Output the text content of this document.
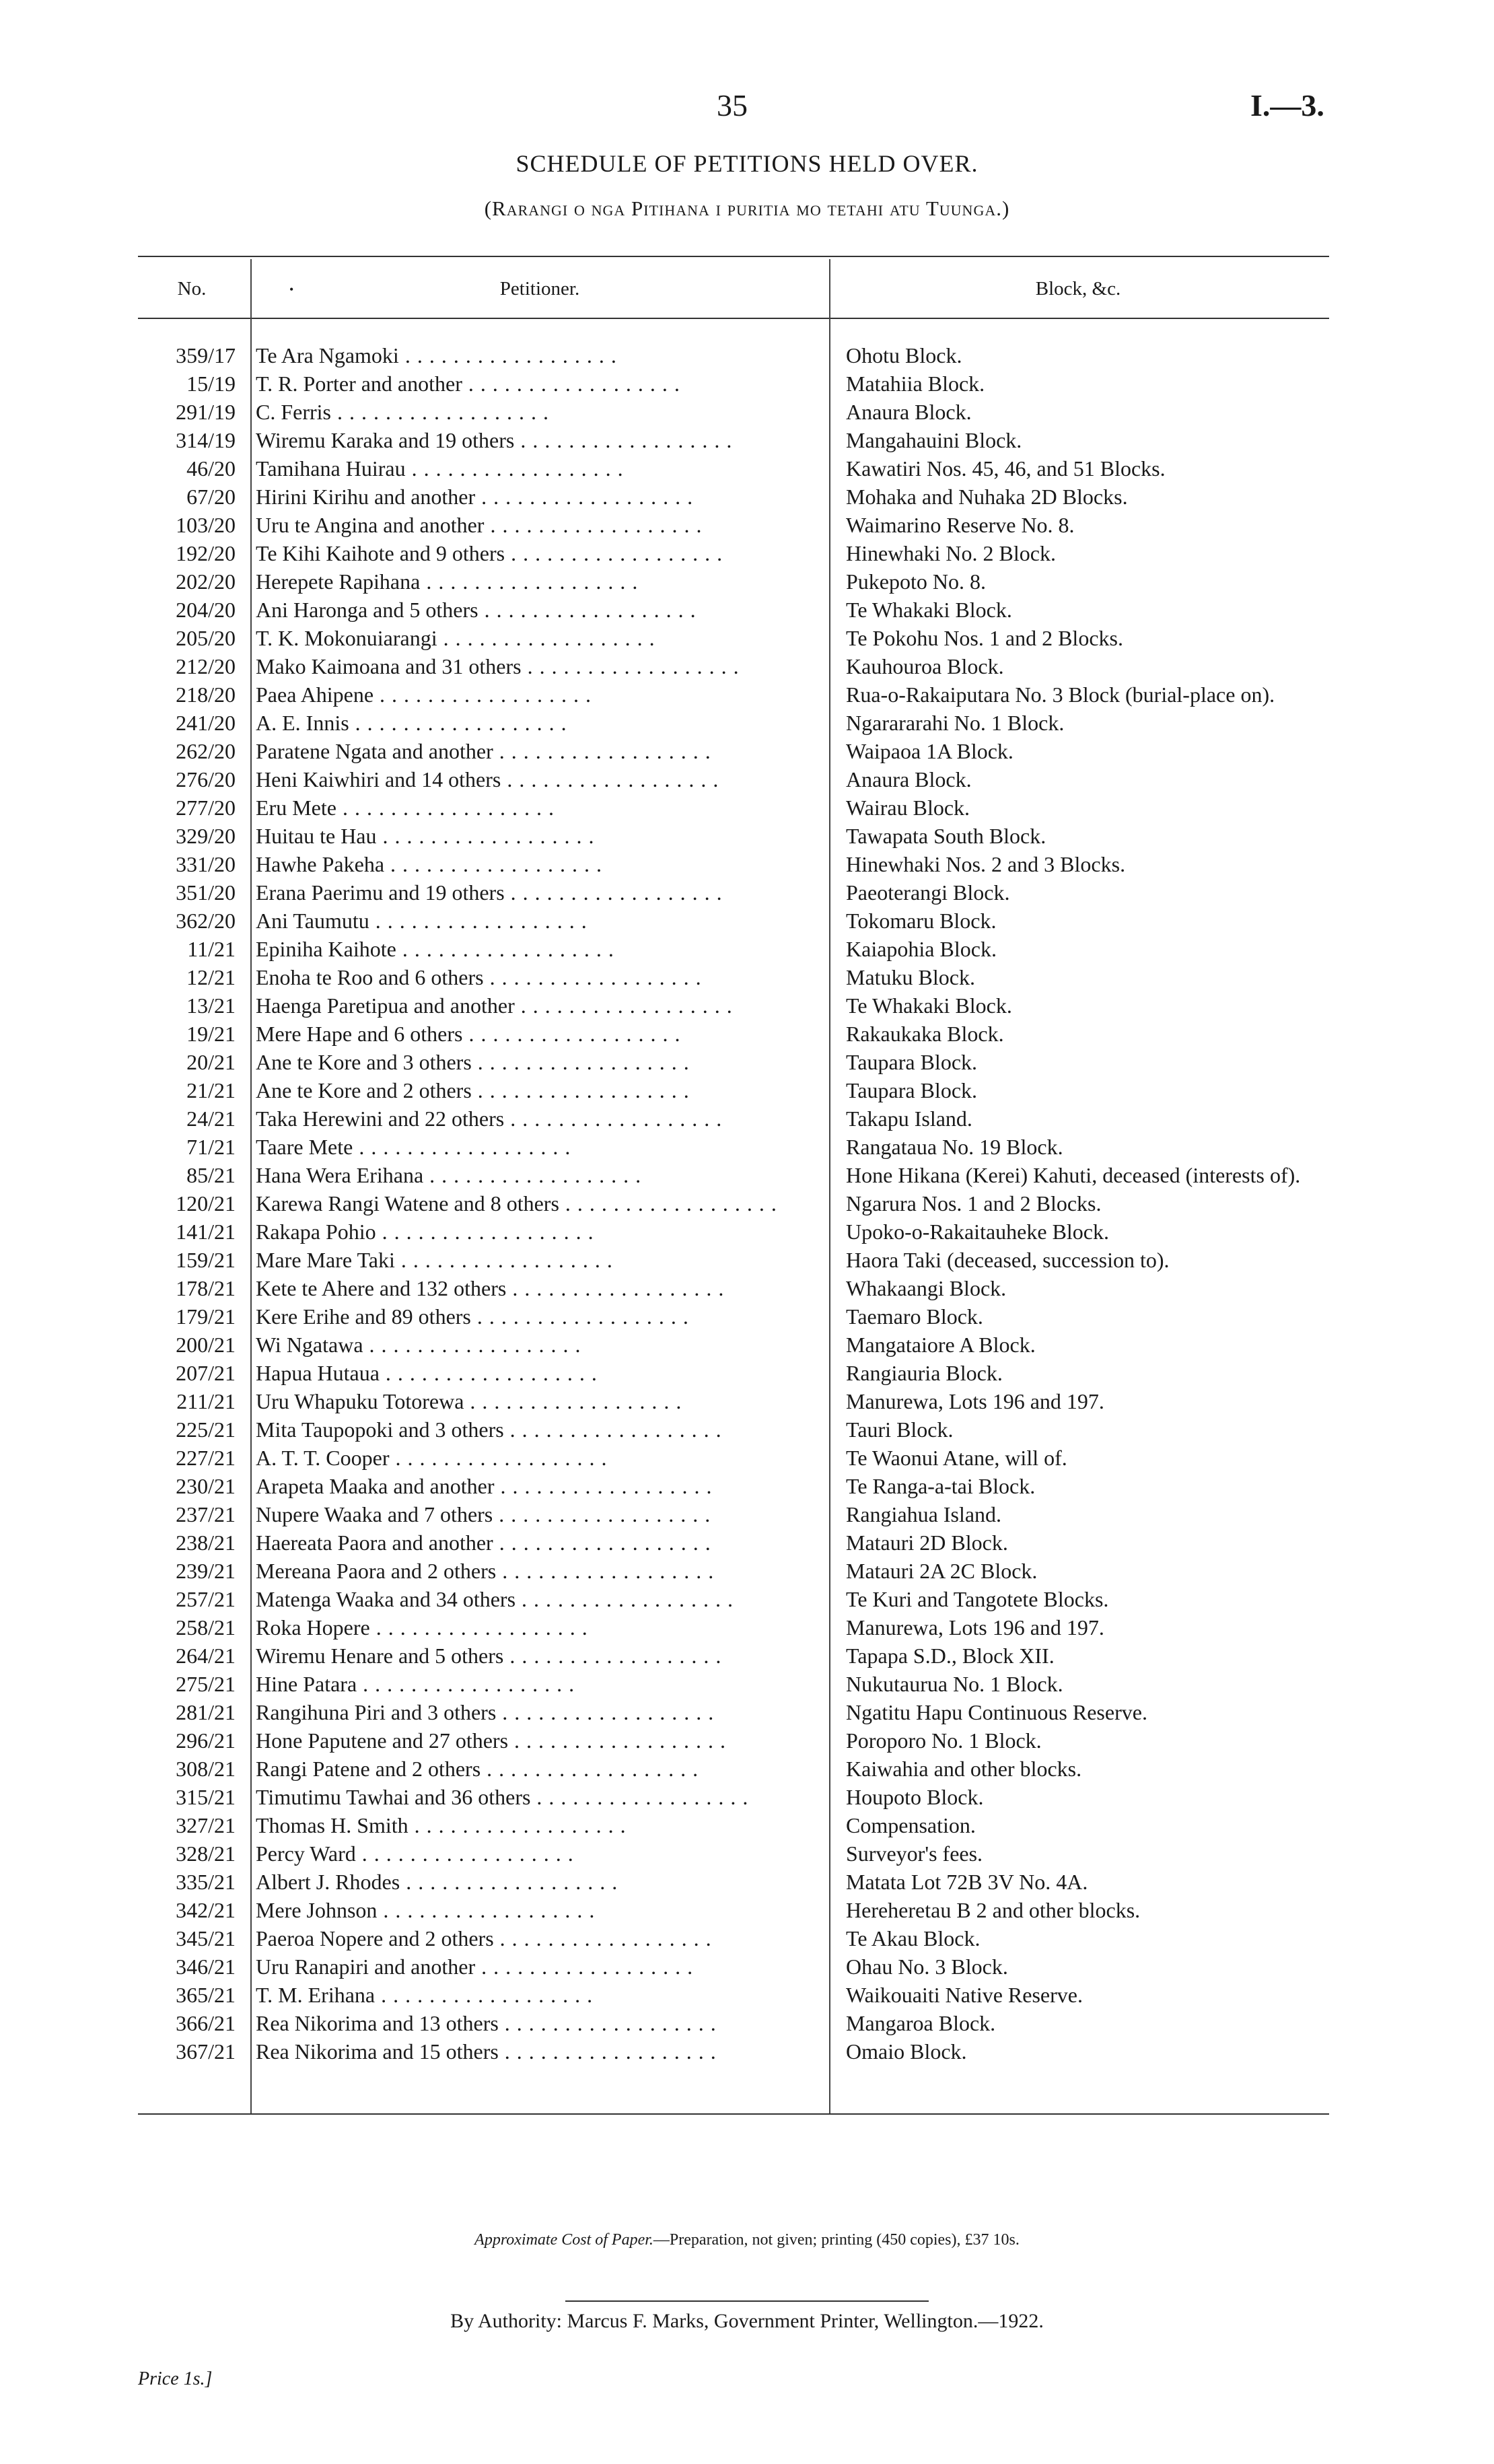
35	I.—3.
SCHEDULE OF PETITIONS HELD OVER.
(Rarangi o nga Pitihana i puritia mo tetahi atu Tuunga.)
No.	Petitioner.	Block, &c.
•
359/17 Te Ara Ngamoki . . . . . . . . . . . . . . . . . .	Ohotu Block.
15/19 T. R. Porter and another . . . . . . . . . . . . . . . . . .	Matahiia Block.
291/19 C. Ferris . . . . . . . . . . . . . . . . . .	Anaura Block.
314/19 Wiremu Karaka and 19 others . . . . . . . . . . . . . . . . . .	Mangahauini Block.
46/20 Tamihana Huirau . . . . . . . . . . . . . . . . . .	Kawatiri Nos. 45, 46, and 51 Blocks.
67/20 Hirini Kirihu and another . . . . . . . . . . . . . . . . . .	Mohaka and Nuhaka 2D Blocks.
103/20 Uru te Angina and another . . . . . . . . . . . . . . . . . .	Waimarino Reserve No. 8.
192/20 Te Kihi Kaihote and 9 others . . . . . . . . . . . . . . . . . .	Hinewhaki No. 2 Block.
202/20 Herepete Rapihana . . . . . . . . . . . . . . . . . .	Pukepoto No. 8.
204/20 Ani Haronga and 5 others . . . . . . . . . . . . . . . . . .	Te Whakaki Block.
205/20 T. K. Mokonuiarangi . . . . . . . . . . . . . . . . . .	Te Pokohu Nos. 1 and 2 Blocks.
212/20 Mako Kaimoana and 31 others . . . . . . . . . . . . . . . . . .	Kauhouroa Block.
218/20 Paea Ahipene . . . . . . . . . . . . . . . . . .	Rua-o-Rakaiputara No. 3 Block (burial-place on).
241/20 A. E. Innis . . . . . . . . . . . . . . . . . .	Ngarararahi No. 1 Block.
262/20 Paratene Ngata and another . . . . . . . . . . . . . . . . . .	Waipaoa 1A Block.
276/20 Heni Kaiwhiri and 14 others . . . . . . . . . . . . . . . . . .	Anaura Block.
277/20 Eru Mete . . . . . . . . . . . . . . . . . .	Wairau Block.
329/20 Huitau te Hau . . . . . . . . . . . . . . . . . .	Tawapata South Block.
331/20 Hawhe Pakeha . . . . . . . . . . . . . . . . . .	Hinewhaki Nos. 2 and 3 Blocks.
351/20 Erana Paerimu and 19 others . . . . . . . . . . . . . . . . . .	Paeoterangi Block.
362/20 Ani Taumutu . . . . . . . . . . . . . . . . . .	Tokomaru Block.
11/21 Epiniha Kaihote . . . . . . . . . . . . . . . . . .	Kaiapohia Block.
12/21 Enoha te Roo and 6 others . . . . . . . . . . . . . . . . . .	Matuku Block.
13/21 Haenga Paretipua and another . . . . . . . . . . . . . . . . . .	Te Whakaki Block.
19/21 Mere Hape and 6 others . . . . . . . . . . . . . . . . . .	Rakaukaka Block.
20/21 Ane te Kore and 3 others . . . . . . . . . . . . . . . . . .	Taupara Block.
21/21 Ane te Kore and 2 others . . . . . . . . . . . . . . . . . .	Taupara Block.
24/21 Taka Herewini and 22 others . . . . . . . . . . . . . . . . . .	Takapu Island.
71/21 Taare Mete . . . . . . . . . . . . . . . . . .	Rangataua No. 19 Block.
85/21 Hana Wera Erihana . . . . . . . . . . . . . . . . . .	Hone Hikana (Kerei) Kahuti, deceased (interests of).
120/21 Karewa Rangi Watene and 8 others . . . . . . . . . . . . . . . . . .	Ngarura Nos. 1 and 2 Blocks.
141/21 Rakapa Pohio . . . . . . . . . . . . . . . . . .	Upoko-o-Rakaitauheke Block.
159/21 Mare Mare Taki . . . . . . . . . . . . . . . . . .	Haora Taki (deceased, succession to).
178/21 Kete te Ahere and 132 others . . . . . . . . . . . . . . . . . .	Whakaangi Block.
179/21 Kere Erihe and 89 others . . . . . . . . . . . . . . . . . .	Taemaro Block.
200/21 Wi Ngatawa . . . . . . . . . . . . . . . . . .	Mangataiore A Block.
207/21 Hapua Hutaua . . . . . . . . . . . . . . . . . .	Rangiauria Block.
211/21 Uru Whapuku Totorewa . . . . . . . . . . . . . . . . . .	Manurewa, Lots 196 and 197.
225/21 Mita Taupopoki and 3 others . . . . . . . . . . . . . . . . . .	Tauri Block.
227/21 A. T. T. Cooper . . . . . . . . . . . . . . . . . .	Te Waonui Atane, will of.
230/21 Arapeta Maaka and another . . . . . . . . . . . . . . . . . .	Te Ranga-a-tai Block.
237/21 Nupere Waaka and 7 others . . . . . . . . . . . . . . . . . .	Rangiahua Island.
238/21 Haereata Paora and another . . . . . . . . . . . . . . . . . .	Matauri 2D Block.
239/21 Mereana Paora and 2 others . . . . . . . . . . . . . . . . . .	Matauri 2A 2C Block.
257/21 Matenga Waaka and 34 others . . . . . . . . . . . . . . . . . .	Te Kuri and Tangotete Blocks.
258/21 Roka Hopere . . . . . . . . . . . . . . . . . .	Manurewa, Lots 196 and 197.
264/21 Wiremu Henare and 5 others . . . . . . . . . . . . . . . . . .	Tapapa S.D., Block XII.
275/21 Hine Patara . . . . . . . . . . . . . . . . . .	Nukutaurua No. 1 Block.
281/21 Rangihuna Piri and 3 others . . . . . . . . . . . . . . . . . .	Ngatitu Hapu Continuous Reserve.
296/21 Hone Paputene and 27 others . . . . . . . . . . . . . . . . . .	Poroporo No. 1 Block.
308/21 Rangi Patene and 2 others . . . . . . . . . . . . . . . . . .	Kaiwahia and other blocks.
315/21 Timutimu Tawhai and 36 others . . . . . . . . . . . . . . . . . .	Houpoto Block.
327/21 Thomas H. Smith . . . . . . . . . . . . . . . . . .	Compensation.
328/21 Percy Ward . . . . . . . . . . . . . . . . . .	Surveyor's fees.
335/21 Albert J. Rhodes . . . . . . . . . . . . . . . . . .	Matata Lot 72B 3V No. 4A.
342/21 Mere Johnson . . . . . . . . . . . . . . . . . .	Hereheretau B 2 and other blocks.
345/21 Paeroa Nopere and 2 others . . . . . . . . . . . . . . . . . .	Te Akau Block.
346/21 Uru Ranapiri and another . . . . . . . . . . . . . . . . . .	Ohau No. 3 Block.
365/21 T. M. Erihana . . . . . . . . . . . . . . . . . .	Waikouaiti Native Reserve.
366/21 Rea Nikorima and 13 others . . . . . . . . . . . . . . . . . .	Mangaroa Block.
367/21 Rea Nikorima and 15 others . . . . . . . . . . . . . . . . . .	Omaio Block.
Approximate Cost of Paper.—Preparation, not given; printing (450 copies), £37 10s.
By Authority: Marcus F. Marks, Government Printer, Wellington.—1922.
Price 1s.]
